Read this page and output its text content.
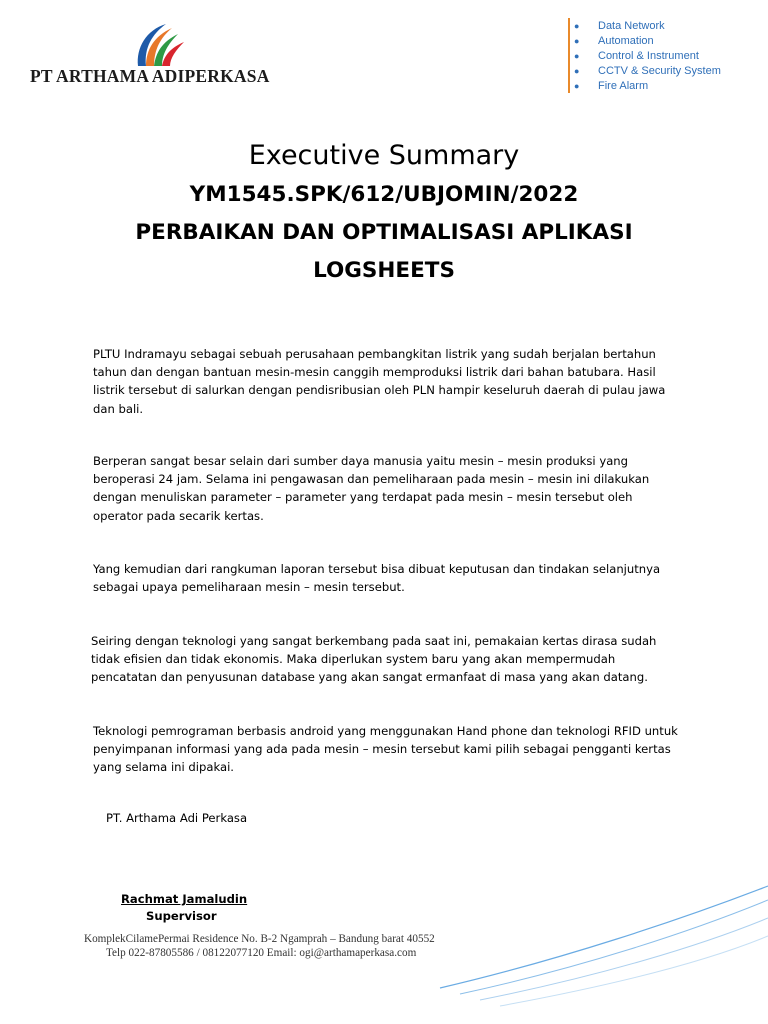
PT ARTHAMA ADIPERKASA
●	Data Network
●	Automation
●	Control & Instrument
●	CCTV & Security System
●	Fire Alarm
Executive Summary
YM1545.SPK/612/UBJOMIN/2022
PERBAIKAN DAN OPTIMALISASI APLIKASI
LOGSHEETS

PLTU Indramayu sebagai sebuah perusahaan pembangkitan listrik yang sudah berjalan bertahun tahun dan dengan bantuan mesin-mesin canggih memproduksi listrik dari bahan batubara. Hasil listrik tersebut di salurkan dengan pendisribusian oleh PLN hampir keseluruh daerah di pulau jawa dan bali.

Berperan sangat besar selain dari sumber daya manusia yaitu mesin – mesin produksi yang beroperasi 24 jam. Selama ini pengawasan dan pemeliharaan pada mesin – mesin ini dilakukan dengan menuliskan parameter – parameter yang terdapat pada mesin – mesin tersebut oleh operator pada secarik kertas.

Yang kemudian dari rangkuman laporan tersebut bisa dibuat keputusan dan tindakan selanjutnya sebagai upaya pemeliharaan mesin – mesin tersebut.

Seiring dengan teknologi yang sangat berkembang pada saat ini, pemakaian kertas dirasa sudah tidak efisien dan tidak ekonomis. Maka diperlukan system baru yang akan mempermudah pencatatan dan penyusunan database yang akan sangat ermanfaat di masa yang akan datang.

Teknologi pemrograman berbasis android yang menggunakan Hand phone dan teknologi RFID untuk penyimpanan informasi yang ada pada mesin – mesin tersebut kami pilih sebagai pengganti kertas yang selama ini dipakai.

PT. Arthama Adi Perkasa
Rachmat Jamaludin
Supervisor
KomplekCilamePermai Residence No. B-2 Ngamprah – Bandung barat 40552
Telp 022-87805586 / 08122077120 Email: ogi@arthamaperkasa.com
